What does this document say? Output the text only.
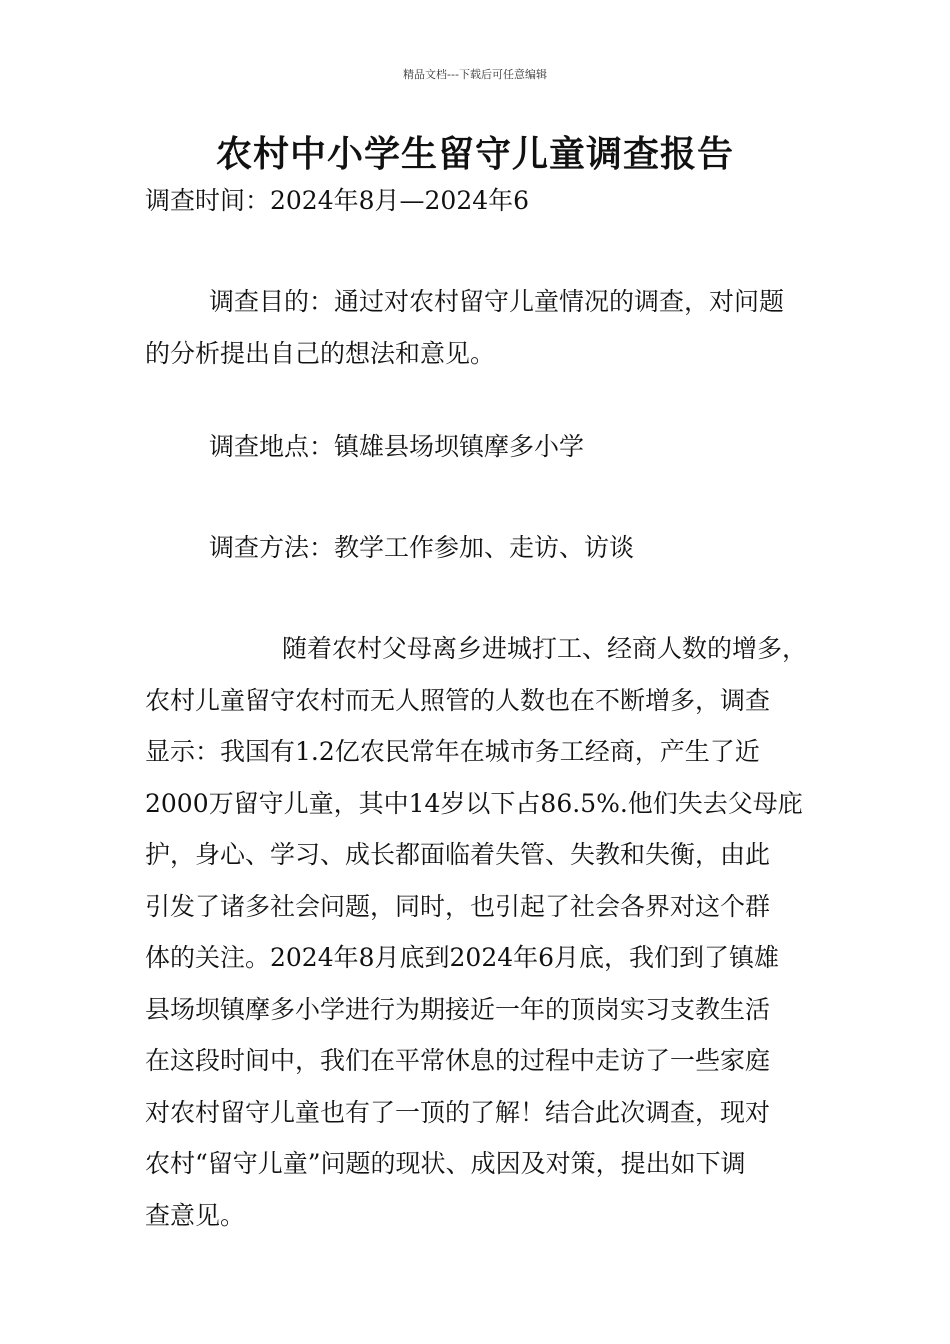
精品文档---下载后可任意编辑
农村中小学生留守儿童调查报告
调查时间：2024年8月—2024年6
调查目的：通过对农村留守儿童情况的调查，对问题
的分析提出自己的想法和意见。
调查地点：镇雄县场坝镇摩多小学
调查方法：教学工作参加、走访、访谈
随着农村父母离乡进城打工、经商人数的增多，
农村儿童留守农村而无人照管的人数也在不断增多，调查
显示：我国有1.2亿农民常年在城市务工经商，产生了近
2000万留守儿童，其中14岁以下占86.5%.他们失去父母庇
护，身心、学习、成长都面临着失管、失教和失衡，由此
引发了诸多社会问题，同时，也引起了社会各界对这个群
体的关注。2024年8月底到2024年6月底，我们到了镇雄
县场坝镇摩多小学进行为期接近一年的顶岗实习支教生活
在这段时间中，我们在平常休息的过程中走访了一些家庭
对农村留守儿童也有了一顶的了解！结合此次调查，现对
农村“留守儿童”问题的现状、成因及对策，提出如下调
查意见。
